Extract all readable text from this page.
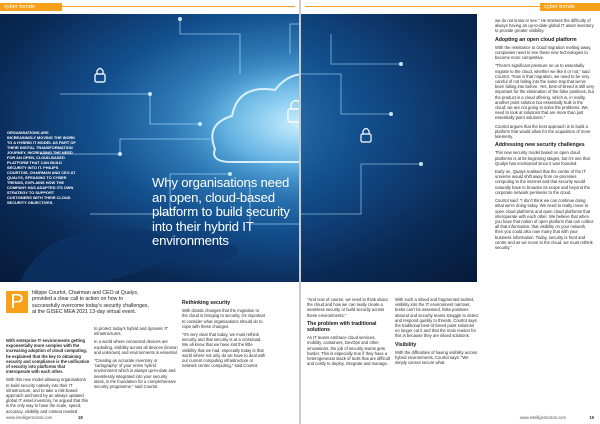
cyber trends
Why organisations need an open, cloud-based platform to build security into their hybrid IT environments

ORGANISATIONS ARE INCREASINGLY MOVING THE WORK TO A HYBRID IT MODEL AS PART OF THEIR DIGITAL TRANSFORMATION JOURNEY, INCREASING THE NEED FOR AN OPEN, CLOUD-BASED PLATFORM THAT CAN BUILD SECURITY INTO IT. PHILIPS COURTOIS, CHAIRMAN AND CEO AT QUALYS, SPEAKING TO CYBER TRENDS, EXPLAINS HOW THE COMPANY HAS ADAPTED ITS OWN STRATEGY TO SUPPORT CUSTOMERS WITH THEIR CLOUD SECURITY OBJECTIVES.

P	hilippe Courtot, Chairman and CEO at Qualys, provided a clear call to action on how to successfully overcome today's security challenges, at the GISEC MEA 2021 13-day virtual event.

With enterprise IT environments getting exponentially more complex with the increasing adoption of cloud computing, he explained that the key to obtaining security and compliance is the unification of security into platforms that interoperate with each other.

With this new model allowing organisations to build security natively into their IT infrastructure, and to take a risk-based approach anchored by an always updated global IT asset inventory, he argued that this is the only way to have the scale, speed, accuracy, visibility and context needed

to protect today's hybrid and dynamic IT infrastructures.

In a world where connected devices are exploding, visibility across all devices (known and unknown) and environments is essential.

"Creating an accurate inventory or 'cartography' of your entire hybrid environment which is always up-to-date and seamlessly integrated into your security stack, is the foundation for a comprehensive security programme," said Courtot.

Rethinking security

With drastic changes that the migration to the cloud is bringing to security, it's important to consider what organisations should do to cope with these changes.

"It's very clear that today, we must rethink security and that security is at a crossroad. We all know that we have lost the little visibility that we had, especially today is that world where not only do we have to deal with our current computing infrastructure or network centric computing," said Courtot.

www.intelligentcisos.com	18
cyber trends

"And now of course, we need to think about the cloud and how we can really create a seamless security or build security across these environments."

The problem with traditional solutions

As IT teams embrace cloud services, mobility, containers, DevOps and other innovations, the job of security teams gets harder. This is especially true if they have a heterogeneous stack of tools that are difficult and costly to deploy, integrate and manage.

With such a siloed and fragmented toolset, visibility into the IT environment narrows, breks can't be assessed, false positives abound and security teams struggle to detect and respond quickly to threats. Courtot says the traditional best-of-breed point solutions no longer cut it and that the main reason for this is because they are siloed solutions.

Visibility

With the difficulties of having visibility across hybrid environments, Courtot says: "We simply cannot secure what

we do not know or see." He stresses the difficulty of always having an up-to-date global IT asset inventory to provide greater visibility.

Adopting an open cloud platform

With the resistance to cloud migration melting away, companies need to see these new technologies to become more competitive.

"There's significant pressure on us to essentially migrate to the cloud, whether we like it or not," said Courtot. "Now is that migration, we need to be very careful of not falling into the same trap that we've been falling into before. Yes, best-of-breed is still very important for the elimination of the false positives, but the product is a cloud offering, which is, in reality, another point solution but essentially built in the cloud; we are not going to solve the problems. We need to look at solutions that are more than just essentially point solutions."

Courtot argues that the best approach is to build a platform that would allow for the acquisition of more telemetry.

Addressing new security challenges

This new security model based on open cloud platforms is at its beginning stages, but it's one that Qualys has envisioned since it was founded.

Early on, Qualys realised that the centre of the IT universe would shift away from on-premises computing to the internet and that security would naturally have to broaden its scope and beyond the corporate network perimeter to the cloud.

Courtot said: "I don't think we can continue doing what we're doing today. We need to really move to open cloud platforms and open cloud platforms that interoperate with each other. We believe that when you have that notion of open platform that can collect all that information, that visibility on your network, then you could also now marry that with your business information. Today, security is front and centre and as we move to the cloud, we must rethink security."

www.intelligentcisos.com	19
